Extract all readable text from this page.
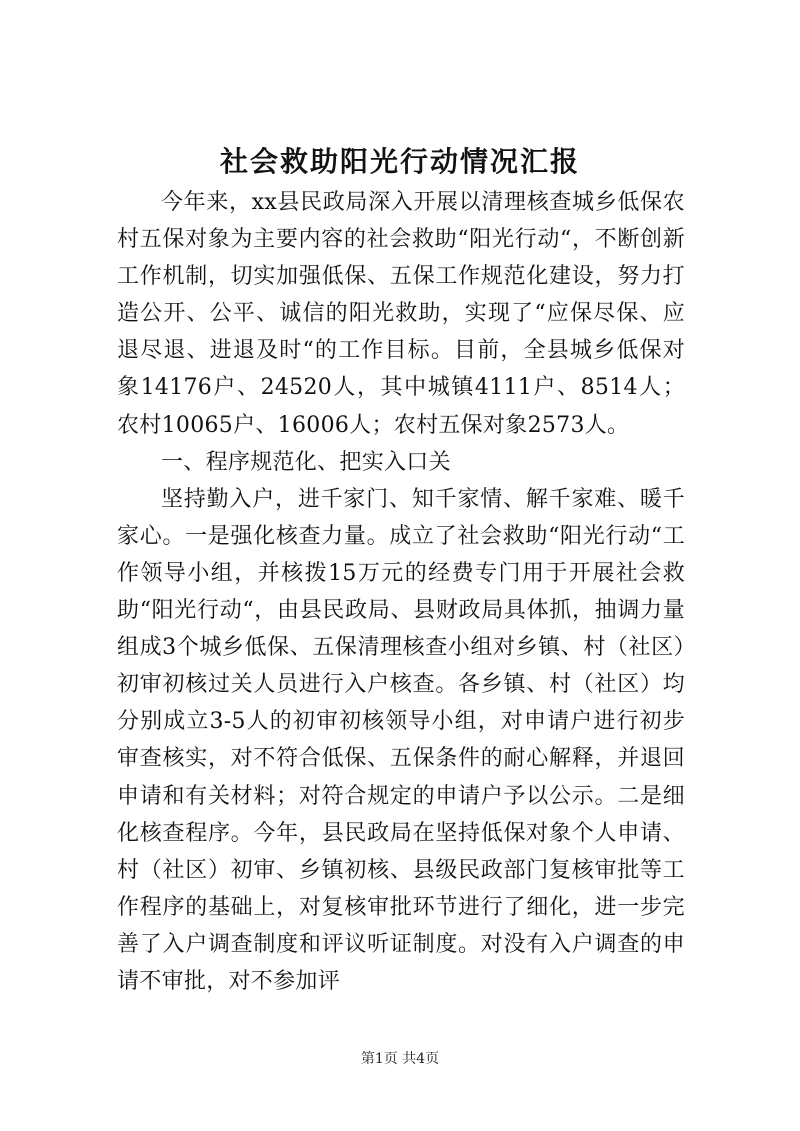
社会救助阳光行动情况汇报

今年来，xx县民政局深入开展以清理核查城乡低保农村五保对象为主要内容的社会救助“阳光行动“，不断创新工作机制，切实加强低保、五保工作规范化建设，努力打造公开、公平、诚信的阳光救助，实现了“应保尽保、应退尽退、进退及时“的工作目标。目前，全县城乡低保对象14176户、24520人，其中城镇4111户、8514人；农村10065户、16006人；农村五保对象2573人。

一、程序规范化、把实入口关

坚持勤入户，进千家门、知千家情、解千家难、暖千家心。一是强化核查力量。成立了社会救助“阳光行动“工作领导小组，并核拨15万元的经费专门用于开展社会救助“阳光行动“，由县民政局、县财政局具体抓，抽调力量组成3个城乡低保、五保清理核查小组对乡镇、村（社区）初审初核过关人员进行入户核查。各乡镇、村（社区）均分别成立3-5人的初审初核领导小组，对申请户进行初步审查核实，对不符合低保、五保条件的耐心解释，并退回申请和有关材料；对符合规定的申请户予以公示。二是细化核查程序。今年，县民政局在坚持低保对象个人申请、村（社区）初审、乡镇初核、县级民政部门复核审批等工作程序的基础上，对复核审批环节进行了细化，进一步完善了入户调查制度和评议听证制度。对没有入户调查的申请不审批，对不参加评

第1页 共4页
